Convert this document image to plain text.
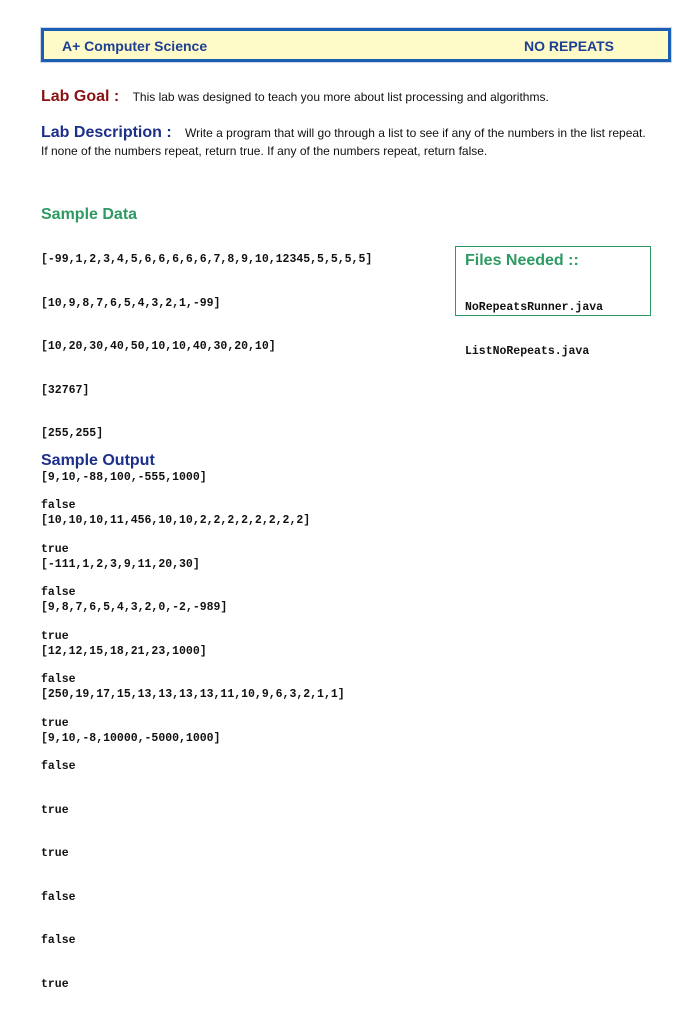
A+ Computer Science	NO REPEATS
Lab Goal : This lab was designed to teach you more about list processing and algorithms.
Lab Description : Write a program that will go through a list to see if any of the numbers in the list repeat. If none of the numbers repeat, return true. If any of the numbers repeat, return false.
Sample Data

[-99,1,2,3,4,5,6,6,6,6,6,7,8,9,10,12345,5,5,5,5]

[10,9,8,7,6,5,4,3,2,1,-99]

[10,20,30,40,50,10,10,40,30,20,10]

[32767]

[255,255]

[9,10,-88,100,-555,1000]

[10,10,10,11,456,10,10,2,2,2,2,2,2,2,2]

[-111,1,2,3,9,11,20,30]

[9,8,7,6,5,4,3,2,0,-2,-989]

[12,12,15,18,21,23,1000]

[250,19,17,15,13,13,13,13,11,10,9,6,3,2,1,1]

[9,10,-8,10000,-5000,1000]

Files Needed ::

NoRepeatsRunner.java

ListNoRepeats.java

Sample Output

false

true

false

true

false

true

false

true

true

false

false

true
